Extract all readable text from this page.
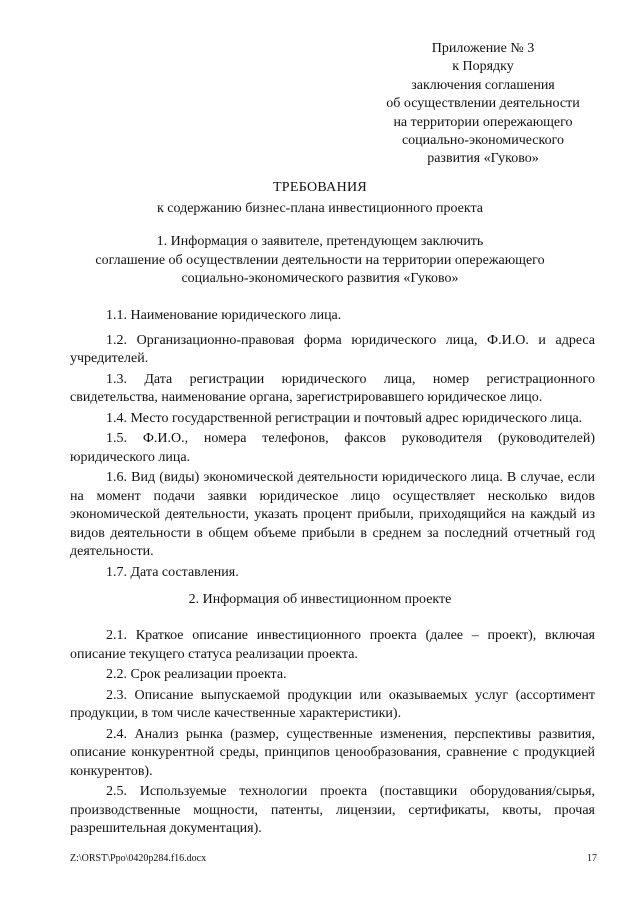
Приложение № 3
к Порядку
заключения соглашения
об осуществлении деятельности
на территории опережающего
социально-экономического
развития «Гуково»
ТРЕБОВАНИЯ
к содержанию бизнес-плана инвестиционного проекта
1. Информация о заявителе, претендующем заключить
соглашение об осуществлении деятельности на территории опережающего
социально-экономического развития «Гуково»

1.1. Наименование юридического лица.

1.2. Организационно-правовая форма юридического лица, Ф.И.О. и адреса учредителей.

1.3. Дата регистрации юридического лица, номер регистрационного свидетельства, наименование органа, зарегистрировавшего юридическое лицо.

1.4. Место государственной регистрации и почтовый адрес юридического лица.

1.5. Ф.И.О., номера телефонов, факсов руководителя (руководителей) юридического лица.

1.6. Вид (виды) экономической деятельности юридического лица. В случае, если на момент подачи заявки юридическое лицо осуществляет несколько видов экономической деятельности, указать процент прибыли, приходящийся на каждый из видов деятельности в общем объеме прибыли в среднем за последний отчетный год деятельности.

1.7. Дата составления.

2. Информация об инвестиционном проекте

2.1. Краткое описание инвестиционного проекта (далее – проект), включая описание текущего статуса реализации проекта.

2.2. Срок реализации проекта.

2.3. Описание выпускаемой продукции или оказываемых услуг (ассортимент продукции, в том числе качественные характеристики).

2.4. Анализ рынка (размер, существенные изменения, перспективы развития, описание конкурентной среды, принципов ценообразования, сравнение с продукцией конкурентов).

2.5. Используемые технологии проекта (поставщики оборудования/сырья, производственные мощности, патенты, лицензии, сертификаты, квоты, прочая разрешительная документация).

Z:\ORST\Ppo\0420p284.f16.docx	17
